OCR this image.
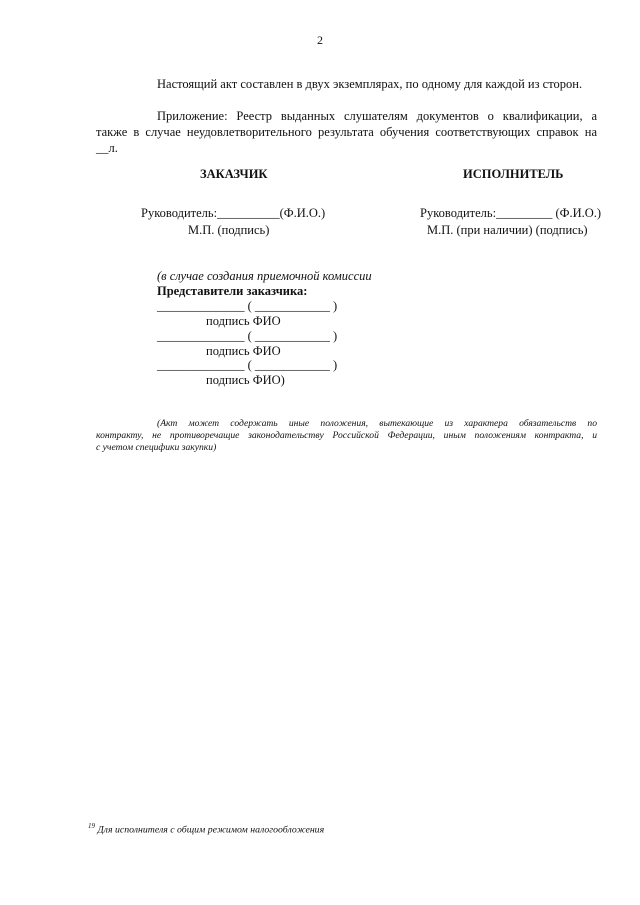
2
Настоящий акт составлен в двух экземплярах, по одному для каждой из сторон.
Приложение: Реестр выданных слушателям документов о квалификации, а
также в случае неудовлетворительного результата обучения соответствующих справок на
__л.
ЗАКАЗЧИК	ИСПОЛНИТЕЛЬ
Руководитель:__________(Ф.И.О.)
М.П. (подпись)
Руководитель:_________ (Ф.И.О.)
М.П. (при наличии) (подпись)
(в случае создания приемочной комиссии
Представители заказчика:
______________ ( ____________ )
подпись ФИО
______________ ( ____________ )
подпись ФИО
______________ ( ____________ )
подпись ФИО)
(Акт может содержать иные положения, вытекающие из характера обязательств по
контракту, не противоречащие законодательству Российской Федерации, иным положениям контракта, и
с учетом специфики закупки)
$^{19}$ Для исполнителя с общим режимом налогообложения
